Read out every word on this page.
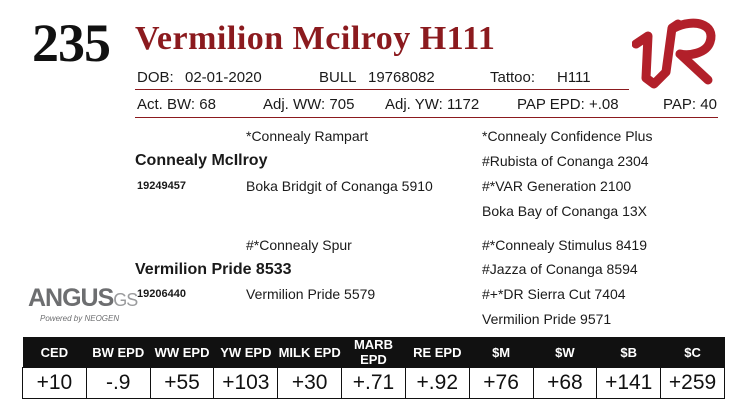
235 Vermilion Mcilroy H111
DOB: 02-01-2020	BULL 19768082	Tattoo: H111
Act. BW: 68	Adj. WW: 705 Adj. YW: 1172	PAP EPD: +.08	PAP: 40
*Connealy Rampart
Connealy McIlroy
19249457	Boka Bridgit of Conanga 5910
*Connealy Confidence Plus
#Rubista of Conanga 2304
#*VAR Generation 2100
Boka Bay of Conanga 13X
#*Connealy Spur
Vermilion Pride 8533
19206440	Vermilion Pride 5579
#*Connealy Stimulus 8419
#Jazza of Conanga 8594
#+*DR Sierra Cut 7404
Vermilion Pride 9571
ANGUSGS
Powered by NEOGEN
CED	BW EPD	WW EPD	YW EPD	MILK EPD	MARB EPD	RE EPD	$M	$W	$B	$C
+10	-.9	+55	+103	+30	+.71	+.92	+76	+68	+141	+259
